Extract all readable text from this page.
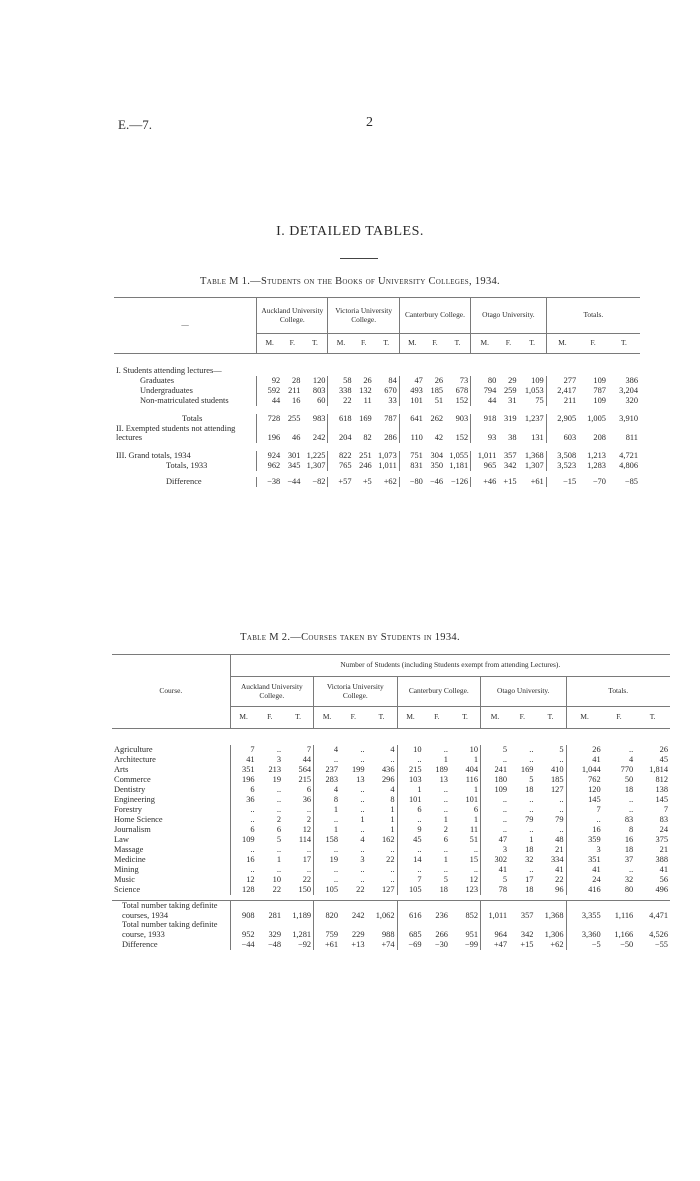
E.—7.	2
I. DETAILED TABLES.
Table M 1.—Students on the Books of University Colleges, 1934.
—	Auckland University College.			Victoria University College.			Canterbury College.			Otago University.			Totals.		
	M.	F.	T.	M.	F.	T.	M.	F.	T.	M.	F.	T.	M.	F.	T.

I. Students attending lectures—															
Graduates	92	28	120	58	26	84	47	26	73	80	29	109	277	109	386
Undergraduates	592	211	803	338	132	670	493	185	678	794	259	1,053	2,417	787	3,204
Non-matriculated students	44	16	60	22	11	33	101	51	152	44	31	75	211	109	320

Totals	728	255	983	618	169	787	641	262	903	918	319	1,237	2,905	1,005	3,910
II. Exempted students not attending lectures	196	46	242	204	82	286	110	42	152	93	38	131	603	208	811

III. Grand totals, 1934	924	301	1,225	822	251	1,073	751	304	1,055	1,011	357	1,368	3,508	1,213	4,721
Totals, 1933	962	345	1,307	765	246	1,011	831	350	1,181	965	342	1,307	3,523	1,283	4,806

Difference	−38	−44	−82	+57	+5	+62	−80	−46	−126	+46	+15	+61	−15	−70	−85
Table M 2.—Courses taken by Students in 1934.
Course.	Number of Students (including Students exempt from attending Lectures).														
	Auckland University College.			Victoria University College.			Canterbury College.			Otago University.			Totals.		
	M.	F.	T.	M.	F.	T.	M.	F.	T.	M.	F.	T.	M.	F.	T.

Agriculture	7	..	7	4	..	4	10	..	10	5	..	5	26	..	26
Architecture	41	3	44	..	..	..	..	1	1	..	..	..	41	4	45
Arts	351	213	564	237	199	436	215	189	404	241	169	410	1,044	770	1,814
Commerce	196	19	215	283	13	296	103	13	116	180	5	185	762	50	812
Dentistry	6	..	6	4	..	4	1	..	1	109	18	127	120	18	138
Engineering	36	..	36	8	..	8	101	..	101	..	..	..	145	..	145
Forestry	..	..	..	1	..	1	6	..	6	..	..	..	7	..	7
Home Science	..	2	2	..	1	1	..	1	1	..	79	79	..	83	83
Journalism	6	6	12	1	..	1	9	2	11	..	..	..	16	8	24
Law	109	5	114	158	4	162	45	6	51	47	1	48	359	16	375
Massage	..	..	..	..	..	..	..	..	..	3	18	21	3	18	21
Medicine	16	1	17	19	3	22	14	1	15	302	32	334	351	37	388
Mining	..	..	..	..	..	..	..	..	..	41	..	41	41	..	41
Music	12	10	22	..	..	..	7	5	12	5	17	22	24	32	56
Science	128	22	150	105	22	127	105	18	123	78	18	96	416	80	496

Total number taking definite courses, 1934	908	281	1,189	820	242	1,062	616	236	852	1,011	357	1,368	3,355	1,116	4,471
Total number taking definite course, 1933	952	329	1,281	759	229	988	685	266	951	964	342	1,306	3,360	1,166	4,526
Difference	−44	−48	−92	+61	+13	+74	−69	−30	−99	+47	+15	+62	−5	−50	−55
